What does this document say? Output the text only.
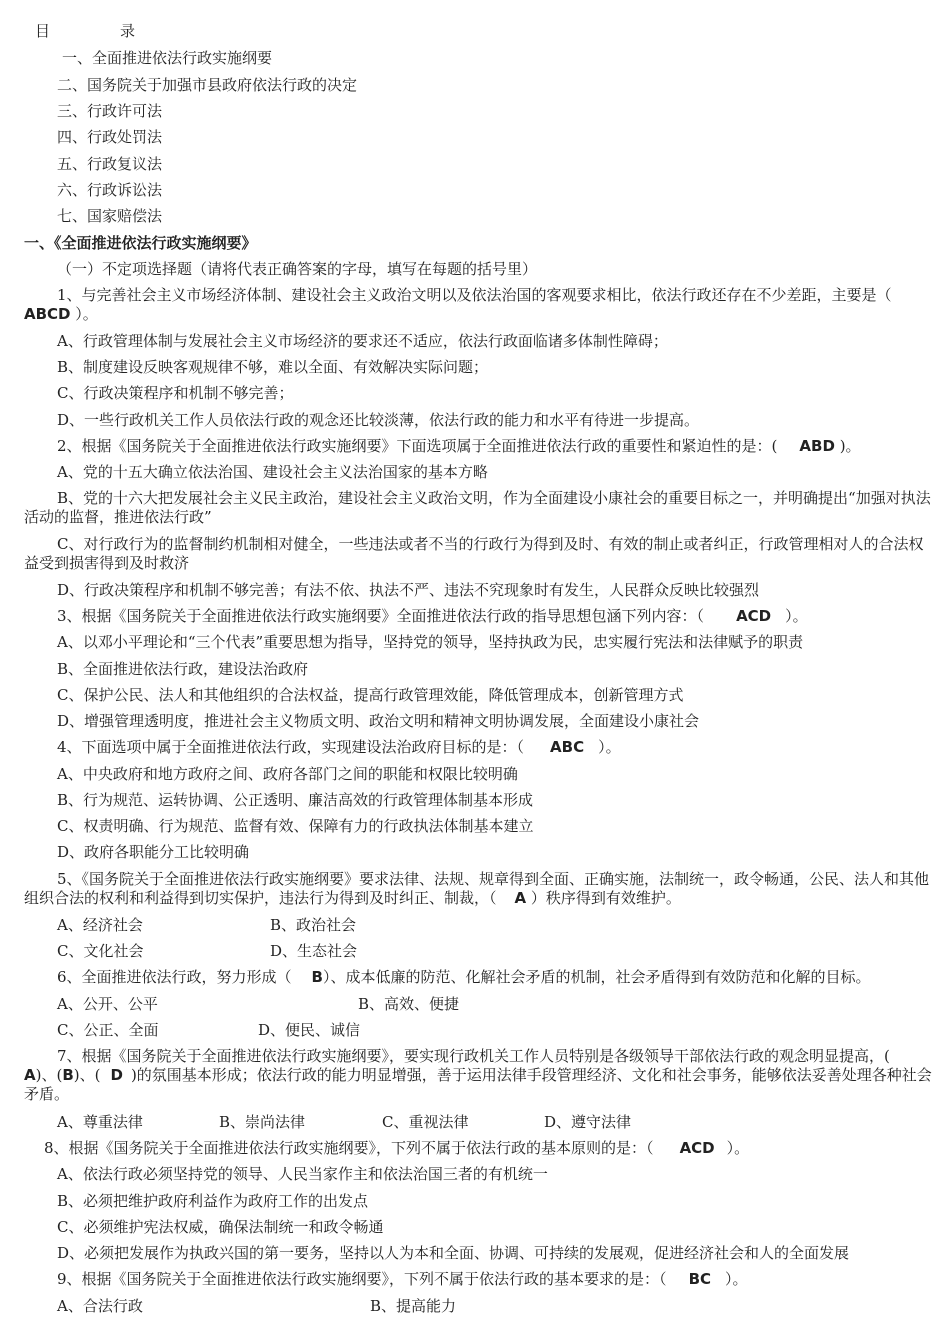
目	录
一、全面推进依法行政实施纲要
二、国务院关于加强市县政府依法行政的决定
三、行政许可法
四、行政处罚法
五、行政复议法
六、行政诉讼法
七、国家赔偿法
一、《全面推进依法行政实施纲要》
（一）不定项选择题（请将代表正确答案的字母，填写在每题的括号里）
1、与完善社会主义市场经济体制、建设社会主义政治文明以及依法治国的客观要求相比，依法行政还存在不少差距，主要是（ABCD ）。
A、行政管理体制与发展社会主义市场经济的要求还不适应，依法行政面临诸多体制性障碍；
B、制度建设反映客观规律不够，难以全面、有效解决实际问题；
C、行政决策程序和机制不够完善；
D、一些行政机关工作人员依法行政的观念还比较淡薄，依法行政的能力和水平有待进一步提高。
2、根据《国务院关于全面推进依法行政实施纲要》下面选项属于全面推进依法行政的重要性和紧迫性的是：( ABD )。
A、党的十五大确立依法治国、建设社会主义法治国家的基本方略
B、党的十六大把发展社会主义民主政治，建设社会主义政治文明，作为全面建设小康社会的重要目标之一，并明确提出“加强对执法活动的监督，推进依法行政”
C、对行政行为的监督制约机制相对健全，一些违法或者不当的行政行为得到及时、有效的制止或者纠正，行政管理相对人的合法权益受到损害得到及时救济
D、行政决策程序和机制不够完善；有法不依、执法不严、违法不究现象时有发生，人民群众反映比较强烈
3、根据《国务院关于全面推进依法行政实施纲要》全面推进依法行政的指导思想包涵下列内容：（ ACD ）。
A、以邓小平理论和“三个代表”重要思想为指导，坚持党的领导，坚持执政为民，忠实履行宪法和法律赋予的职责
B、全面推进依法行政，建设法治政府
C、保护公民、法人和其他组织的合法权益，提高行政管理效能，降低管理成本，创新管理方式
D、增强管理透明度，推进社会主义物质文明、政治文明和精神文明协调发展，全面建设小康社会
4、下面选项中属于全面推进依法行政，实现建设法治政府目标的是：（ ABC ）。
A、中央政府和地方政府之间、政府各部门之间的职能和权限比较明确
B、行为规范、运转协调、公正透明、廉洁高效的行政管理体制基本形成
C、权责明确、行为规范、监督有效、保障有力的行政执法体制基本建立
D、政府各职能分工比较明确
5、《国务院关于全面推进依法行政实施纲要》要求法律、法规、规章得到全面、正确实施，法制统一，政令畅通，公民、法人和其他组织合法的权利和利益得到切实保护，违法行为得到及时纠正、制裁，（ A ）秩序得到有效维护。
A、经济社会	B、政治社会
C、文化社会	D、生态社会
6、全面推进依法行政，努力形成（ B）、成本低廉的防范、化解社会矛盾的机制，社会矛盾得到有效防范和化解的目标。
A、公开、公平	B、高效、便捷
C、公正、全面	D、便民、诚信
7、根据《国务院关于全面推进依法行政实施纲要》，要实现行政机关工作人员特别是各级领导干部依法行政的观念明显提高，(A)、(B)、( D )的氛围基本形成；依法行政的能力明显增强，善于运用法律手段管理经济、文化和社会事务，能够依法妥善处理各种社会矛盾。
A、尊重法律	B、崇尚法律	C、重视法律	D、遵守法律
8、根据《国务院关于全面推进依法行政实施纲要》，下列不属于依法行政的基本原则的是：（ ACD ）。
A、依法行政必须坚持党的领导、人民当家作主和依法治国三者的有机统一
B、必须把维护政府利益作为政府工作的出发点
C、必须维护宪法权威，确保法制统一和政令畅通
D、必须把发展作为执政兴国的第一要务，坚持以人为本和全面、协调、可持续的发展观，促进经济社会和人的全面发展
9、根据《国务院关于全面推进依法行政实施纲要》，下列不属于依法行政的基本要求的是：（ BC ）。
A、合法行政	B、提高能力
